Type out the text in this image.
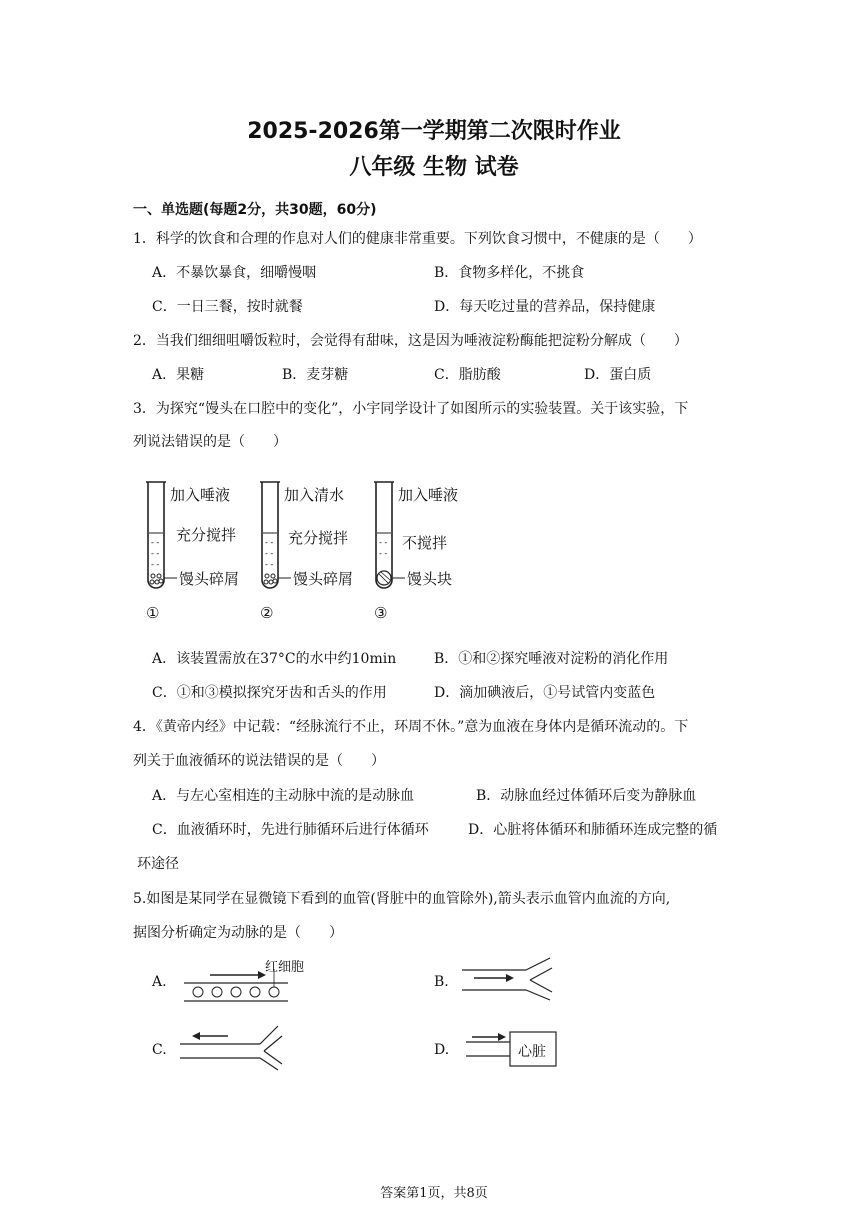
2025-2026第一学期第二次限时作业
八年级 生物 试卷
一、单选题(每题2分，共30题，60分)
1．科学的饮食和合理的作息对人们的健康非常重要。下列饮食习惯中，不健康的是（　　）
A．不暴饮暴食，细嚼慢咽	B．食物多样化，不挑食
C．一日三餐，按时就餐	D．每天吃过量的营养品，保持健康
2．当我们细细咀嚼饭粒时，会觉得有甜味，这是因为唾液淀粉酶能把淀粉分解成（　　）
A．果糖	B．麦芽糖	C．脂肪酸	D．蛋白质
3．为探究“馒头在口腔中的变化”，小宇同学设计了如图所示的实验装置。关于该实验，下
列说法错误的是（　　）
- -
- -
- -
- -
- -
- -
- -
- -
加入唾液
充分搅拌
馒头碎屑
①
加入清水
充分搅拌
馒头碎屑
②
加入唾液
不搅拌
馒头块
③
A．该装置需放在37°C的水中约10min	B．①和②探究唾液对淀粉的消化作用
C．①和③模拟探究牙齿和舌头的作用	D．滴加碘液后，①号试管内变蓝色
4．《黄帝内经》中记载：“经脉流行不止，环周不休。”意为血液在身体内是循环流动的。下
列关于血液循环的说法错误的是（　　）
A．与左心室相连的主动脉中流的是动脉血	B．动脉血经过体循环后变为静脉血
C．血液循环时，先进行肺循环后进行体循环	D．心脏将体循环和肺循环连成完整的循
环途径
5.如图是某同学在显微镜下看到的血管(肾脏中的血管除外),箭头表示血管内血流的方向,
据图分析确定为动脉的是（　　）
A.
红细胞
B.
C.	D.	心脏
答案第1页，共8页
